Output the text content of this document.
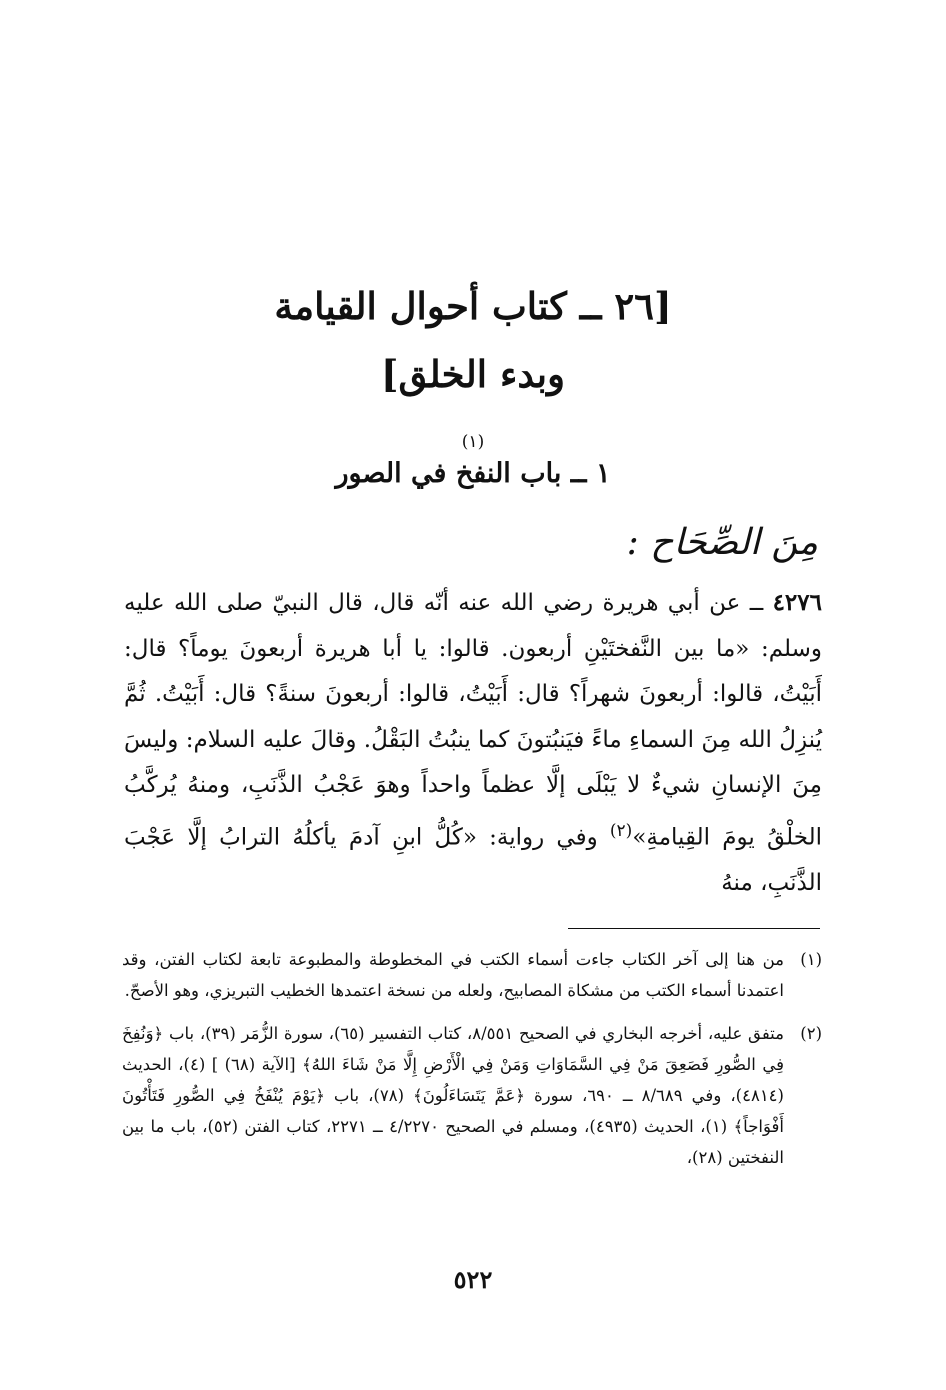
[٢٦ ــ كتاب أحوال القيامة
وبدء الخلق]
$^{(١)}$
١ ــ باب النفخ في الصور

مِنَ الصِّحَاح :

٤٢٧٦ ــ عن أبي هريرة رضي الله عنه أنّه قال، قال النبيّ صلى الله عليه وسلم: «ما بين النَّفختَيْنِ أربعون. قالوا: يا أبا هريرة أربعونَ يوماً؟ قال: أَبَيْتُ، قالوا: أربعونَ شهراً؟ قال: أَبَيْتُ، قالوا: أربعونَ سنةً؟ قال: أَبَيْتُ. ثُمَّ يُنزِلُ الله مِنَ السماءِ ماءً فيَنبُتونَ كما ينبُتُ البَقْلُ. وقالَ عليه السلام: وليسَ مِنَ الإنسانِ شيءٌ لا يَبْلَى إلَّا عظماً واحداً وهوَ عَجْبُ الذَّنَبِ، ومنهُ يُركَّبُ الخلْقُ يومَ القِيامةِ»$^{(٢)}$ وفي رواية: «كُلُّ ابنِ آدمَ يأكلُهُ الترابُ إلَّا عَجْبَ الذَّنَبِ، منهُ

(١)
من هنا إلى آخر الكتاب جاءت أسماء الكتب في المخطوطة والمطبوعة تابعة لكتاب الفتن، وقد اعتمدنا أسماء الكتب من مشكاة المصابيح، ولعله من نسخة اعتمدها الخطيب التبريزي، وهو الأصحّ.
(٢)
متفق عليه، أخرجه البخاري في الصحيح ٨/٥٥١، كتاب التفسير (٦٥)، سورة الزُّمَر (٣٩)، باب ﴿وَنُفِخَ فِي الصُّورِ فَصَعِقَ مَنْ فِي السَّمَاوَاتِ وَمَنْ فِي الْأَرْضِ إِلَّا مَنْ شَاءَ اللهُ﴾ [الآية (٦٨) ] (٤)، الحديث (٤٨١٤)، وفي ٨/٦٨٩ ــ ٦٩٠، سورة ﴿عَمَّ يَتَسَاءَلُونَ﴾ (٧٨)، باب ﴿يَوْمَ يُنْفَخُ فِي الصُّورِ فَتَأْتُونَ أَفْوَاجاً﴾ (١)، الحديث (٤٩٣٥)، ومسلم في الصحيح ٤/٢٢٧٠ ــ ٢٢٧١، كتاب الفتن (٥٢)، باب ما بين النفختين (٢٨)،

٥٢٢
